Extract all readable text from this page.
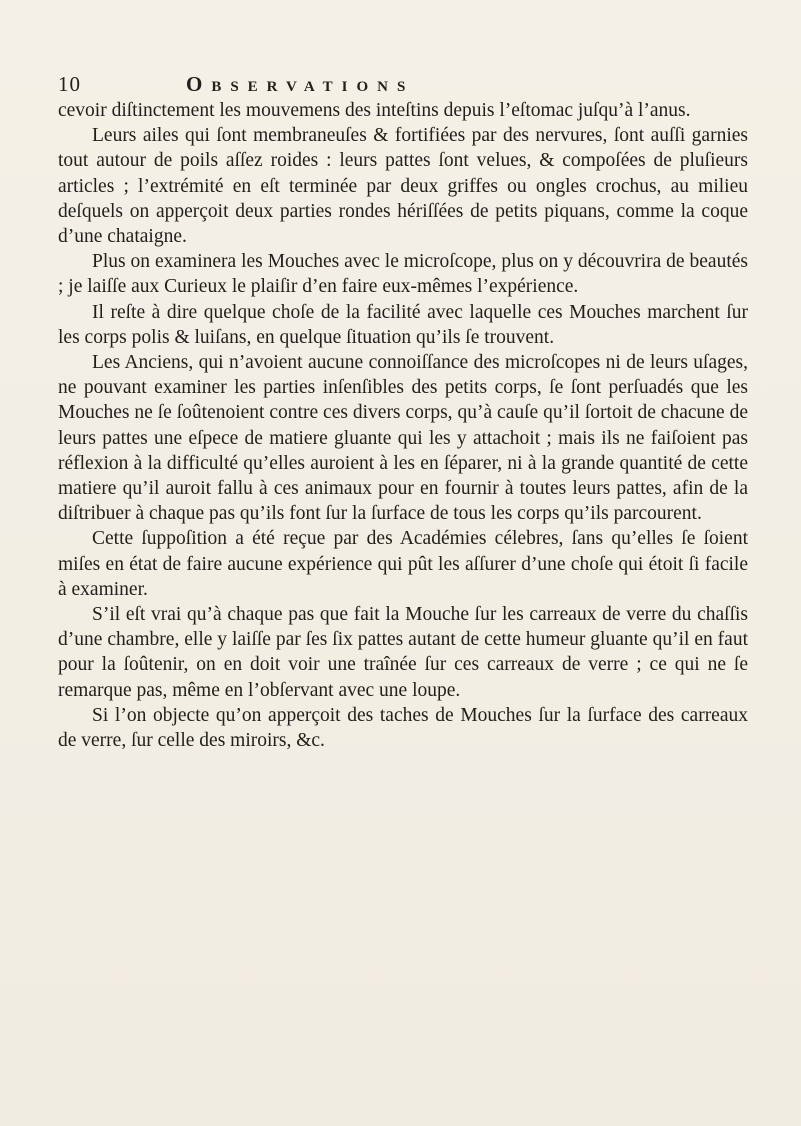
10	Observations

cevoir diſtinctement les mouvemens des inteſtins depuis l’eſtomac juſqu’à l’anus.

Leurs ailes qui ſont membraneuſes & fortifiées par des nervures, ſont auſſi garnies tout autour de poils aſſez roides : leurs pattes ſont velues, & compoſées de pluſieurs articles ; l’extrémité en eſt terminée par deux griffes ou ongles crochus, au milieu deſquels on apperçoit deux parties rondes hériſſées de petits piquans, comme la coque d’une chataigne.

Plus on examinera les Mouches avec le microſcope, plus on y découvrira de beautés ; je laiſſe aux Curieux le plaiſir d’en faire eux-mêmes l’expérience.

Il reſte à dire quelque choſe de la facilité avec laquelle ces Mouches marchent ſur les corps polis & luiſans, en quelque ſituation qu’ils ſe trouvent.

Les Anciens, qui n’avoient aucune connoiſſance des microſcopes ni de leurs uſages, ne pouvant examiner les parties inſenſibles des petits corps, ſe ſont perſuadés que les Mouches ne ſe ſoûtenoient contre ces divers corps, qu’à cauſe qu’il ſortoit de chacune de leurs pattes une eſpece de matiere gluante qui les y attachoit ; mais ils ne faiſoient pas réflexion à la difficulté qu’elles auroient à les en ſéparer, ni à la grande quantité de cette matiere qu’il auroit fallu à ces animaux pour en fournir à toutes leurs pattes, afin de la diſtribuer à chaque pas qu’ils font ſur la ſurface de tous les corps qu’ils parcourent.

Cette ſuppoſition a été reçue par des Académies célebres, ſans qu’elles ſe ſoient miſes en état de faire aucune expérience qui pût les aſſurer d’une choſe qui étoit ſi facile à examiner.

S’il eſt vrai qu’à chaque pas que fait la Mouche ſur les carreaux de verre du chaſſis d’une chambre, elle y laiſſe par ſes ſix pattes autant de cette humeur gluante qu’il en faut pour la ſoûtenir, on en doit voir une traînée ſur ces carreaux de verre ; ce qui ne ſe remarque pas, même en l’obſervant avec une loupe.

Si l’on objecte qu’on apperçoit des taches de Mouches ſur la ſurface des carreaux de verre, ſur celle des miroirs, &c.
